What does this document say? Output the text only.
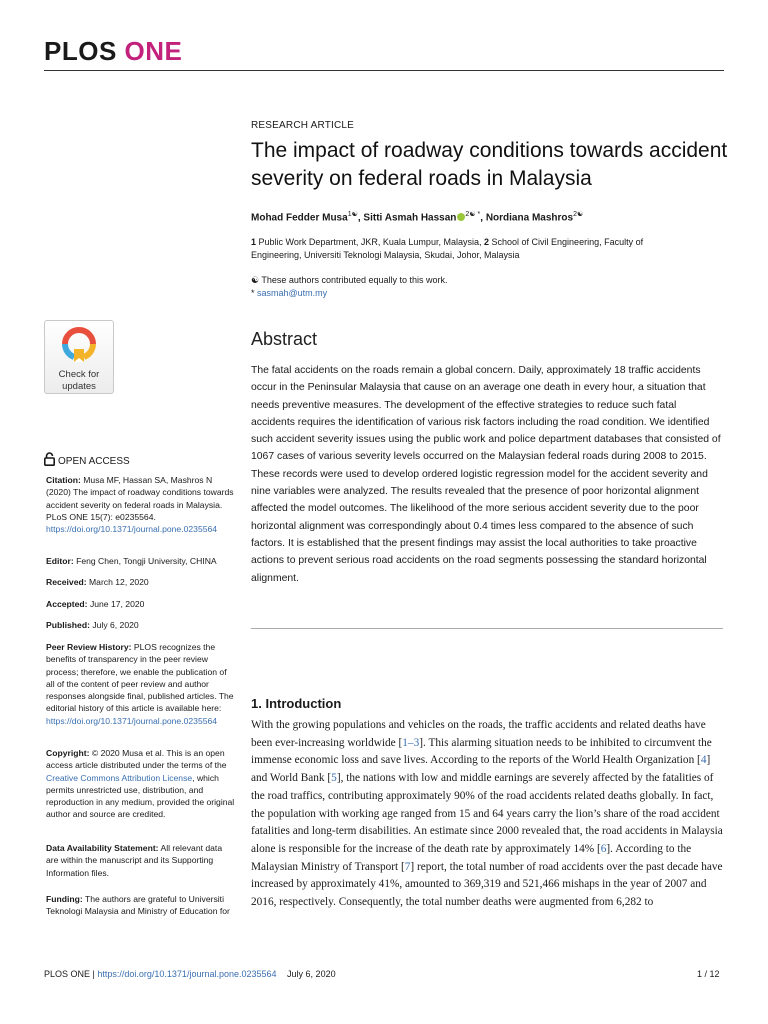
PLOS ONE
RESEARCH ARTICLE
The impact of roadway conditions towards accident severity on federal roads in Malaysia
Mohad Fedder Musa$^{1☯}$, Sitti Asmah Hassan $^{2☯ *}$, Nordiana Mashros$^{2☯}$
1 Public Work Department, JKR, Kuala Lumpur, Malaysia, 2 School of Civil Engineering, Faculty of Engineering, Universiti Teknologi Malaysia, Skudai, Johor, Malaysia
☯ These authors contributed equally to this work.
* sasmah@utm.my
Check for
updates
OPEN ACCESS
Citation: Musa MF, Hassan SA, Mashros N (2020) The impact of roadway conditions towards accident severity on federal roads in Malaysia. PLoS ONE 15(7): e0235564. https://doi.org/10.1371/journal.pone.0235564
Editor: Feng Chen, Tongji University, CHINA
Received: March 12, 2020
Accepted: June 17, 2020
Published: July 6, 2020
Peer Review History: PLOS recognizes the benefits of transparency in the peer review process; therefore, we enable the publication of all of the content of peer review and author responses alongside final, published articles. The editorial history of this article is available here: https://doi.org/10.1371/journal.pone.0235564
Copyright: © 2020 Musa et al. This is an open access article distributed under the terms of the Creative Commons Attribution License, which permits unrestricted use, distribution, and reproduction in any medium, provided the original author and source are credited.
Data Availability Statement: All relevant data are within the manuscript and its Supporting Information files.
Funding: The authors are grateful to Universiti Teknologi Malaysia and Ministry of Education for
Abstract
The fatal accidents on the roads remain a global concern. Daily, approximately 18 traffic accidents occur in the Peninsular Malaysia that cause on an average one death in every hour, a situation that needs preventive measures. The development of the effective strategies to reduce such fatal accidents requires the identification of various risk factors including the road condition. We identified such accident severity issues using the public work and police department databases that consisted of 1067 cases of various severity levels occurred on the Malaysian federal roads during 2008 to 2015. These records were used to develop ordered logistic regression model for the accident severity and nine variables were analyzed. The results revealed that the presence of poor horizontal alignment affected the model outcomes. The likelihood of the more serious accident severity due to the poor horizontal alignment was correspondingly about 0.4 times less compared to the absence of such factors. It is established that the present findings may assist the local authorities to take proactive actions to prevent serious road accidents on the road segments possessing the standard horizontal alignment.
1. Introduction
With the growing populations and vehicles on the roads, the traffic accidents and related deaths have been ever-increasing worldwide [1–3]. This alarming situation needs to be inhibited to circumvent the immense economic loss and save lives. According to the reports of the World Health Organization [4] and World Bank [5], the nations with low and middle earnings are severely affected by the fatalities of the road traffics, contributing approximately 90% of the road accidents related deaths globally. In fact, the population with working age ranged from 15 and 64 years carry the lion’s share of the road accident fatalities and long-term disabilities. An estimate since 2000 revealed that, the road accidents in Malaysia alone is responsible for the increase of the death rate by approximately 14% [6]. According to the Malaysian Ministry of Transport [7] report, the total number of road accidents over the past decade have increased by approximately 41%, amounted to 369,319 and 521,466 mishaps in the year of 2007 and 2016, respectively. Consequently, the total number deaths were augmented from 6,282 to
PLOS ONE | https://doi.org/10.1371/journal.pone.0235564 July 6, 2020	1 / 12
